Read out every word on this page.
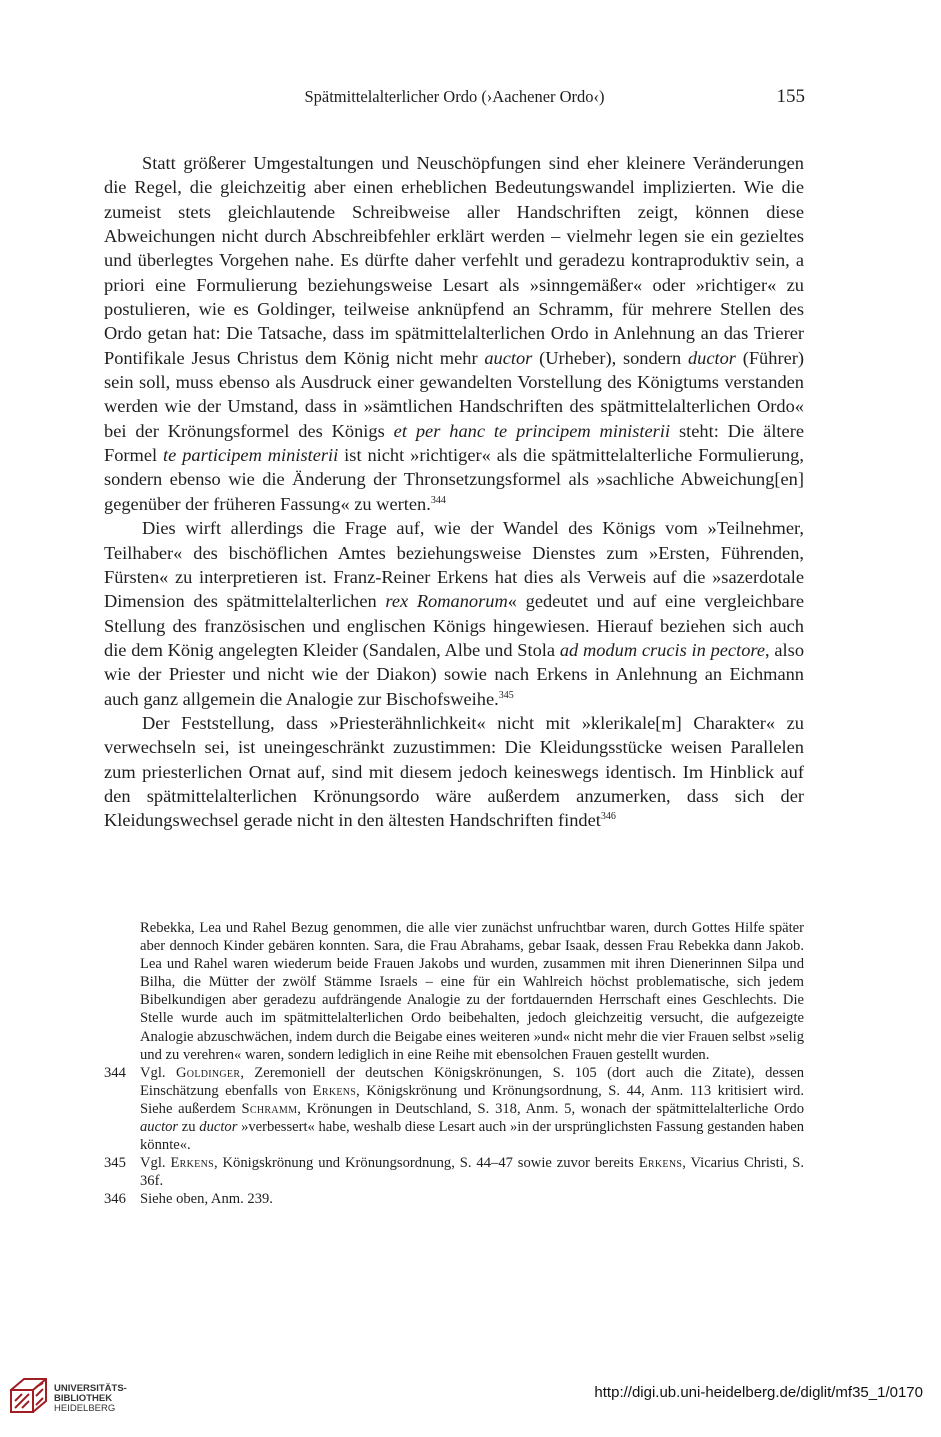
Spätmittelalterlicher Ordo (›Aachener Ordo‹)	155

Statt größerer Umgestaltungen und Neuschöpfungen sind eher kleinere Veränderungen die Regel, die gleichzeitig aber einen erheblichen Bedeutungswandel implizierten. Wie die zumeist stets gleichlautende Schreibweise aller Handschriften zeigt, können diese Abweichungen nicht durch Abschreibfehler erklärt werden – vielmehr legen sie ein gezieltes und überlegtes Vorgehen nahe. Es dürfte daher verfehlt und geradezu kontraproduktiv sein, a priori eine Formulierung beziehungsweise Lesart als »sinngemäßer« oder »richtiger« zu postulieren, wie es Goldinger, teilweise anknüpfend an Schramm, für mehrere Stellen des Ordo getan hat: Die Tatsache, dass im spätmittelalterlichen Ordo in Anlehnung an das Trierer Pontifikale Jesus Christus dem König nicht mehr auctor (Urheber), sondern ductor (Führer) sein soll, muss ebenso als Ausdruck einer gewandelten Vorstellung des Königtums verstanden werden wie der Umstand, dass in »sämtlichen Handschriften des spätmittelalterlichen Ordo« bei der Krönungsformel des Königs et per hanc te principem ministerii steht: Die ältere Formel te participem ministerii ist nicht »richtiger« als die spätmittelalterliche Formulierung, sondern ebenso wie die Änderung der Thronsetzungsformel als »sachliche Abweichung[en] gegenüber der früheren Fassung« zu werten.$^{344}$

Dies wirft allerdings die Frage auf, wie der Wandel des Königs vom »Teilnehmer, Teilhaber« des bischöflichen Amtes beziehungsweise Dienstes zum »Ersten, Führenden, Fürsten« zu interpretieren ist. Franz-Reiner Erkens hat dies als Verweis auf die »sazerdotale Dimension des spätmittelalterlichen rex Romanorum« gedeutet und auf eine vergleichbare Stellung des französischen und englischen Königs hingewiesen. Hierauf beziehen sich auch die dem König angelegten Kleider (Sandalen, Albe und Stola ad modum crucis in pectore, also wie der Priester und nicht wie der Diakon) sowie nach Erkens in Anlehnung an Eichmann auch ganz allgemein die Analogie zur Bischofsweihe.$^{345}$

Der Feststellung, dass »Priesterähnlichkeit« nicht mit »klerikale[m] Charakter« zu verwechseln sei, ist uneingeschränkt zuzustimmen: Die Kleidungsstücke weisen Parallelen zum priesterlichen Ornat auf, sind mit diesem jedoch keineswegs identisch. Im Hinblick auf den spätmittelalterlichen Krönungsordo wäre außerdem anzumerken, dass sich der Kleidungswechsel gerade nicht in den ältesten Handschriften findet$^{346}$

Rebekka, Lea und Rahel Bezug genommen, die alle vier zunächst unfruchtbar waren, durch Gottes Hilfe später aber dennoch Kinder gebären konnten. Sara, die Frau Abrahams, gebar Isaak, dessen Frau Rebekka dann Jakob. Lea und Rahel waren wiederum beide Frauen Jakobs und wurden, zusammen mit ihren Dienerinnen Silpa und Bilha, die Mütter der zwölf Stämme Israels – eine für ein Wahlreich höchst problematische, sich jedem Bibelkundigen aber geradezu aufdrängende Analogie zu der fortdauernden Herrschaft eines Geschlechts. Die Stelle wurde auch im spätmittelalterlichen Ordo beibehalten, jedoch gleichzeitig versucht, die aufgezeigte Analogie abzuschwächen, indem durch die Beigabe eines weiteren »und« nicht mehr die vier Frauen selbst »selig und zu verehren« waren, sondern lediglich in eine Reihe mit ebensolchen Frauen gestellt wurden.

344 Vgl. Goldinger, Zeremoniell der deutschen Königskrönungen, S. 105 (dort auch die Zitate), dessen Einschätzung ebenfalls von Erkens, Königskrönung und Krönungsordnung, S. 44, Anm. 113 kritisiert wird. Siehe außerdem Schramm, Krönungen in Deutschland, S. 318, Anm. 5, wonach der spätmittelalterliche Ordo auctor zu ductor »verbessert« habe, weshalb diese Lesart auch »in der ursprünglichsten Fassung gestanden haben könnte«.
345 Vgl. Erkens, Königskrönung und Krönungsordnung, S. 44–47 sowie zuvor bereits Erkens, Vicarius Christi, S. 36f.
346 Siehe oben, Anm. 239.
UNIVERSITÄTS-
BIBLIOTHEK
HEIDELBERG
http://digi.ub.uni-heidelberg.de/diglit/mf35_1/0170
